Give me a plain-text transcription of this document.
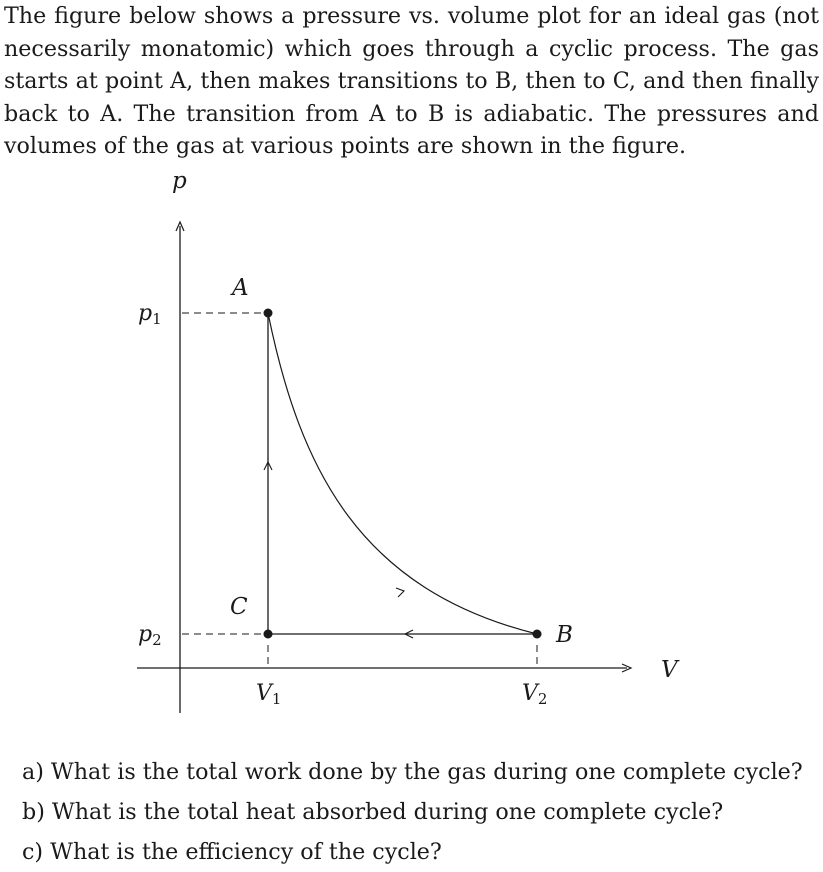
The figure below shows a pressure vs. volume plot for an ideal gas (not necessarily monatomic) which goes through a cyclic process. The gas starts at point A, then makes transitions to B, then to C, and then finally back to A. The transition from A to B is adiabatic. The pressures and volumes of the gas at various points are shown in the figure.

p
V
p1
p2
V1	V2
A
B
C
a) What is the total work done by the gas during one complete cycle?
b) What is the total heat absorbed during one complete cycle?
c) What is the efficiency of the cycle?
